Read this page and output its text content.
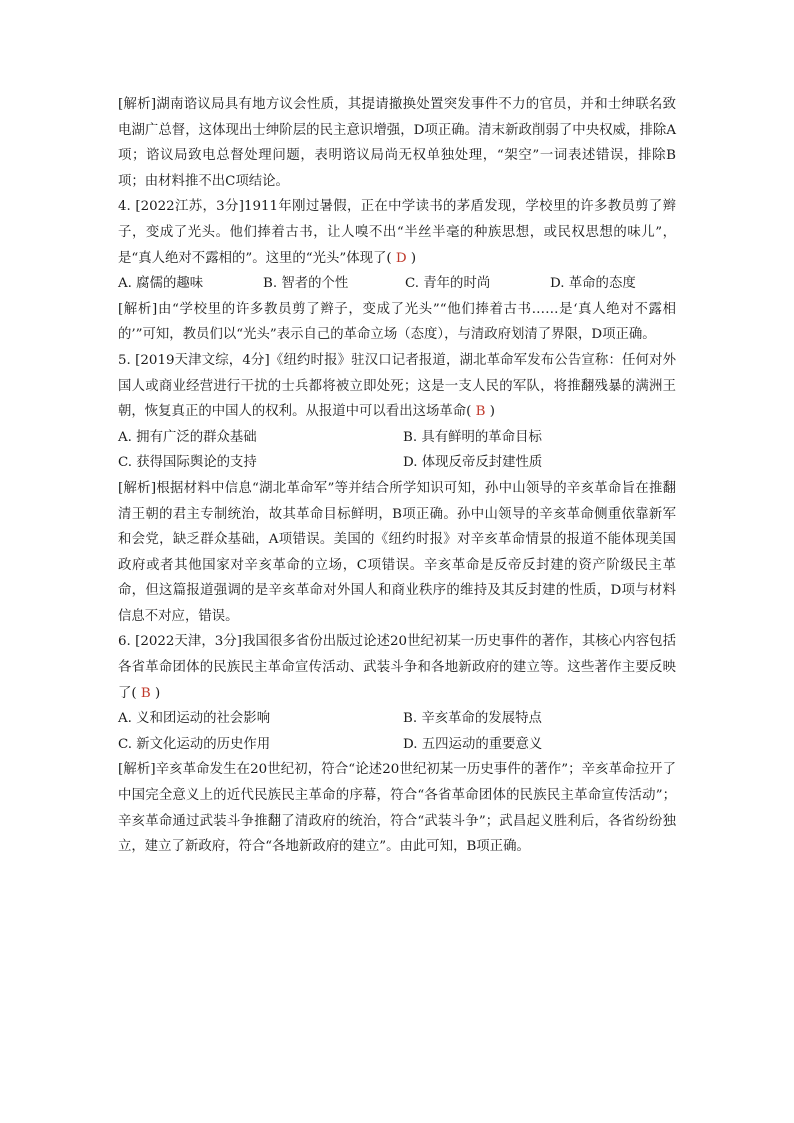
[解析]湖南谘议局具有地方议会性质，其提请撤换处置突发事件不力的官员，并和士绅联名致电湖广总督，这体现出士绅阶层的民主意识增强，D项正确。清末新政削弱了中央权威，排除A项；谘议局致电总督处理问题，表明谘议局尚无权单独处理，“架空”一词表述错误，排除B项；由材料推不出C项结论。

4. [2022江苏，3分]1911年刚过暑假，正在中学读书的茅盾发现，学校里的许多教员剪了辫子，变成了光头。他们捧着古书，让人嗅不出“半丝半毫的种族思想，或民权思想的味儿”，是“真人绝对不露相的”。这里的“光头”体现了( D )

A. 腐儒的趣味	B. 智者的个性	C. 青年的时尚	D. 革命的态度

[解析]由“学校里的许多教员剪了辫子，变成了光头”“他们捧着古书……是‘真人绝对不露相的’”可知，教员们以“光头”表示自己的革命立场（态度），与清政府划清了界限，D项正确。

5. [2019天津文综，4分]《纽约时报》驻汉口记者报道，湖北革命军发布公告宣称：任何对外国人或商业经营进行干扰的士兵都将被立即处死；这是一支人民的军队，将推翻残暴的满洲王朝，恢复真正的中国人的权利。从报道中可以看出这场革命( B )

A. 拥有广泛的群众基础	B. 具有鲜明的革命目标
C. 获得国际舆论的支持	D. 体现反帝反封建性质

[解析]根据材料中信息“湖北革命军”等并结合所学知识可知，孙中山领导的辛亥革命旨在推翻清王朝的君主专制统治，故其革命目标鲜明，B项正确。孙中山领导的辛亥革命侧重依靠新军和会党，缺乏群众基础，A项错误。美国的《纽约时报》对辛亥革命情景的报道不能体现美国政府或者其他国家对辛亥革命的立场，C项错误。辛亥革命是反帝反封建的资产阶级民主革命，但这篇报道强调的是辛亥革命对外国人和商业秩序的维持及其反封建的性质，D项与材料信息不对应，错误。

6. [2022天津，3分]我国很多省份出版过论述20世纪初某一历史事件的著作，其核心内容包括各省革命团体的民族民主革命宣传活动、武装斗争和各地新政府的建立等。这些著作主要反映了( B )

A. 义和团运动的社会影响	B. 辛亥革命的发展特点
C. 新文化运动的历史作用	D. 五四运动的重要意义

[解析]辛亥革命发生在20世纪初，符合“论述20世纪初某一历史事件的著作”；辛亥革命拉开了中国完全意义上的近代民族民主革命的序幕，符合“各省革命团体的民族民主革命宣传活动”；辛亥革命通过武装斗争推翻了清政府的统治，符合“武装斗争”；武昌起义胜利后，各省纷纷独立，建立了新政府，符合“各地新政府的建立”。由此可知，B项正确。
